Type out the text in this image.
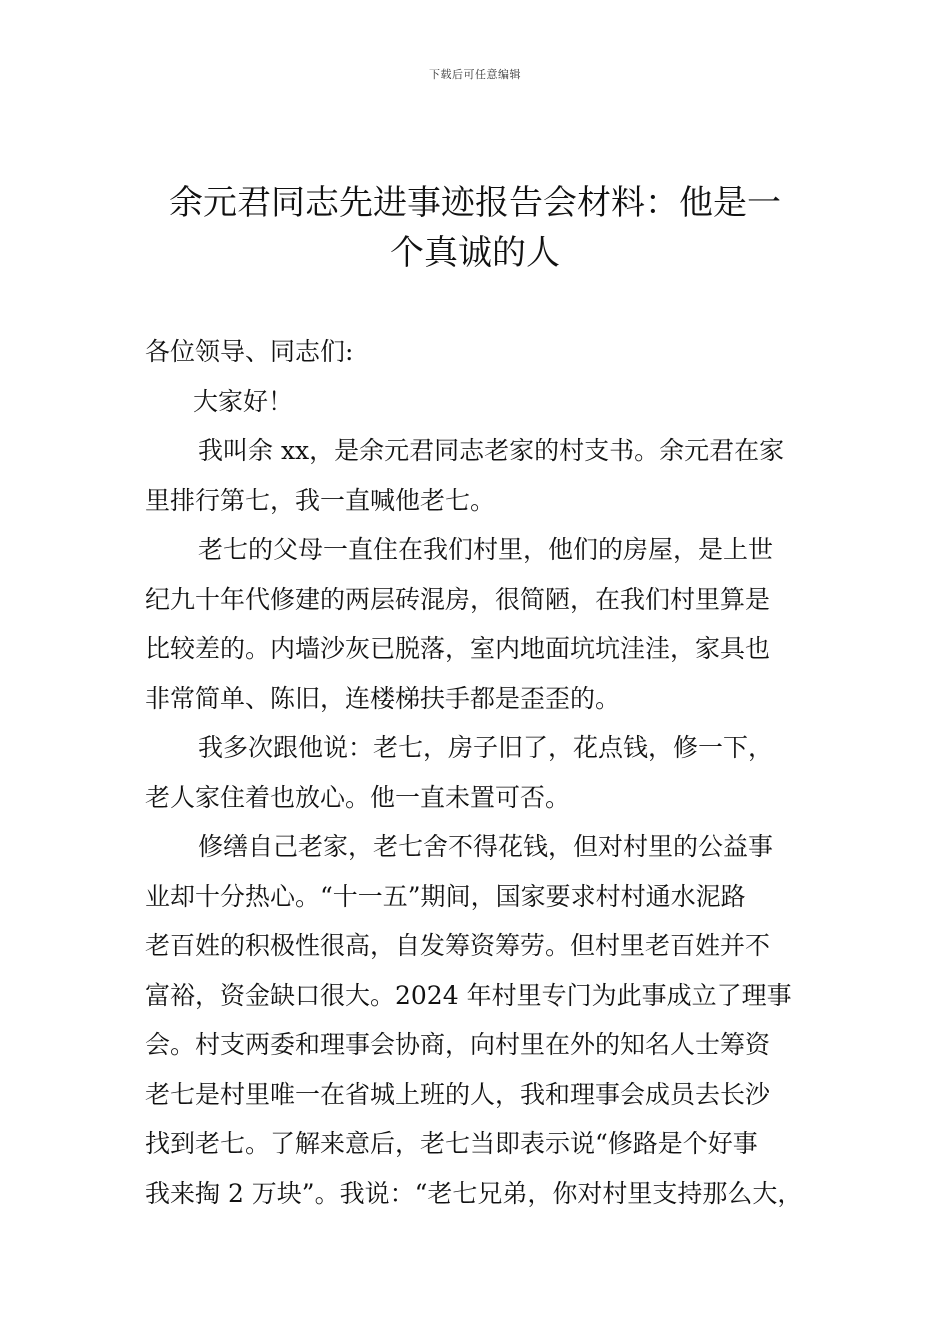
下载后可任意编辑
余元君同志先进事迹报告会材料：他是一
个真诚的人
各位领导、同志们:
大家好！
我叫余 xx，是余元君同志老家的村支书。余元君在家
里排行第七，我一直喊他老七。
老七的父母一直住在我们村里，他们的房屋，是上世
纪九十年代修建的两层砖混房，很简陋，在我们村里算是
比较差的。内墙沙灰已脱落，室内地面坑坑洼洼，家具也
非常简单、陈旧，连楼梯扶手都是歪歪的。
我多次跟他说：老七，房子旧了，花点钱，修一下，
老人家住着也放心。他一直未置可否。
修缮自己老家，老七舍不得花钱，但对村里的公益事
业却十分热心。“十一五”期间，国家要求村村通水泥路
老百姓的积极性很高，自发筹资筹劳。但村里老百姓并不
富裕，资金缺口很大。2024 年村里专门为此事成立了理事
会。村支两委和理事会协商，向村里在外的知名人士筹资
老七是村里唯一在省城上班的人，我和理事会成员去长沙
找到老七。了解来意后，老七当即表示说“修路是个好事
我来掏 2 万块”。我说：“老七兄弟，你对村里支持那么大，
